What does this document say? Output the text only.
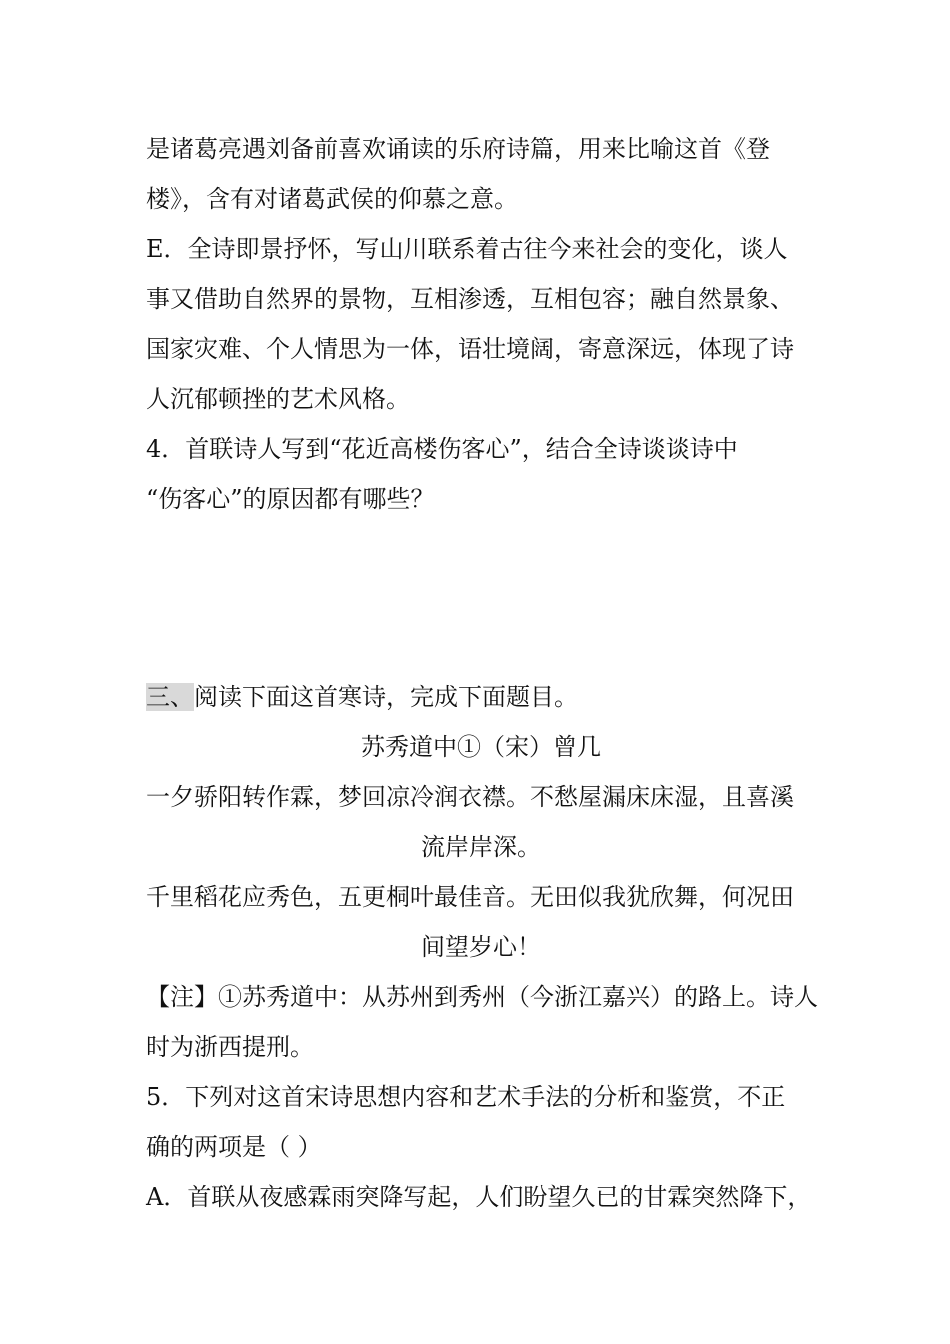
是诸葛亮遇刘备前喜欢诵读的乐府诗篇，用来比喻这首《登
楼》，含有对诸葛武侯的仰慕之意。
E．全诗即景抒怀，写山川联系着古往今来社会的变化，谈人
事又借助自然界的景物，互相渗透，互相包容；融自然景象、
国家灾难、个人情思为一体，语壮境阔，寄意深远，体现了诗
人沉郁顿挫的艺术风格。
4．首联诗人写到“花近高楼伤客心”，结合全诗谈谈诗中
“伤客心”的原因都有哪些？
三、阅读下面这首寒诗，完成下面题目。
苏秀道中①（宋）曾几
一夕骄阳转作霖，梦回凉冷润衣襟。不愁屋漏床床湿，且喜溪
流岸岸深。
千里稻花应秀色，五更桐叶最佳音。无田似我犹欣舞，何况田
间望岁心！
【注】①苏秀道中：从苏州到秀州（今浙江嘉兴）的路上。诗人
时为浙西提刑。
5．下列对这首宋诗思想内容和艺术手法的分析和鉴赏，不正
确的两项是（ ）
A．首联从夜感霖雨突降写起，人们盼望久已的甘霖突然降下，
